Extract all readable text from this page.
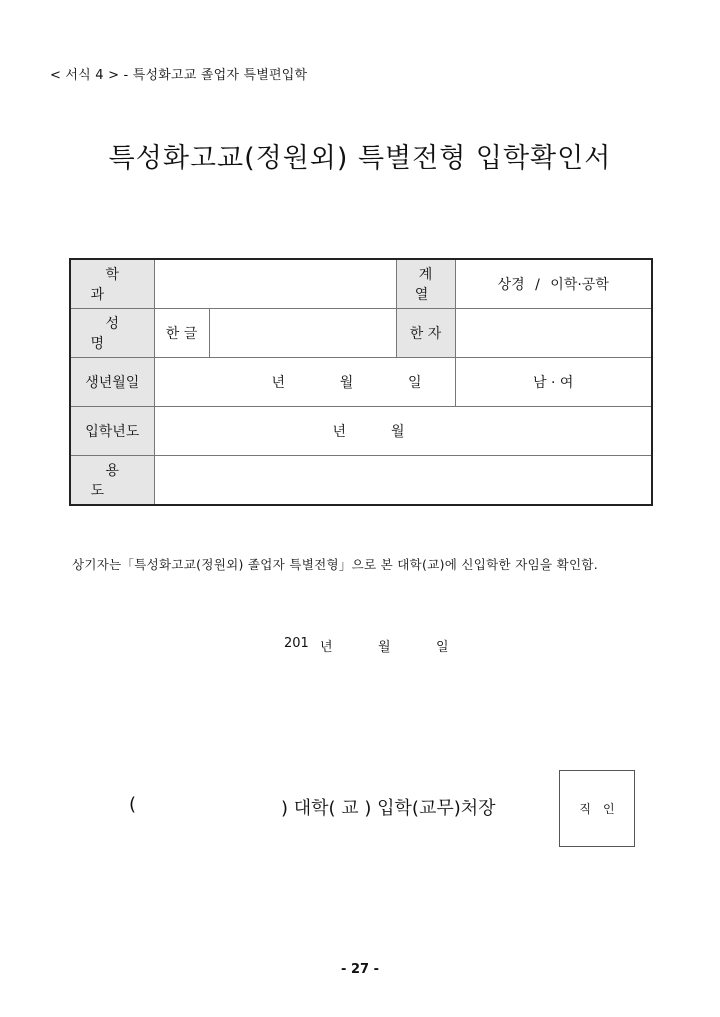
< 서식 4 > - 특성화고교 졸업자 특별편입학
특성화고교(정원외) 특별전형 입학확인서
학과			계 열	상경 / 이학·공학
성명	한 글		한 자	
생년월일	년 월 일			남 · 여
입학년도	년 월			

용도				
상기자는「특성화고교(정원외) 졸업자 특별전형」으로 본 대학(교)에 신입학한 자임을 확인함.
201 년	월	일
(	) 대학( 교 ) 입학(교무)처장	직인
- 27 -
